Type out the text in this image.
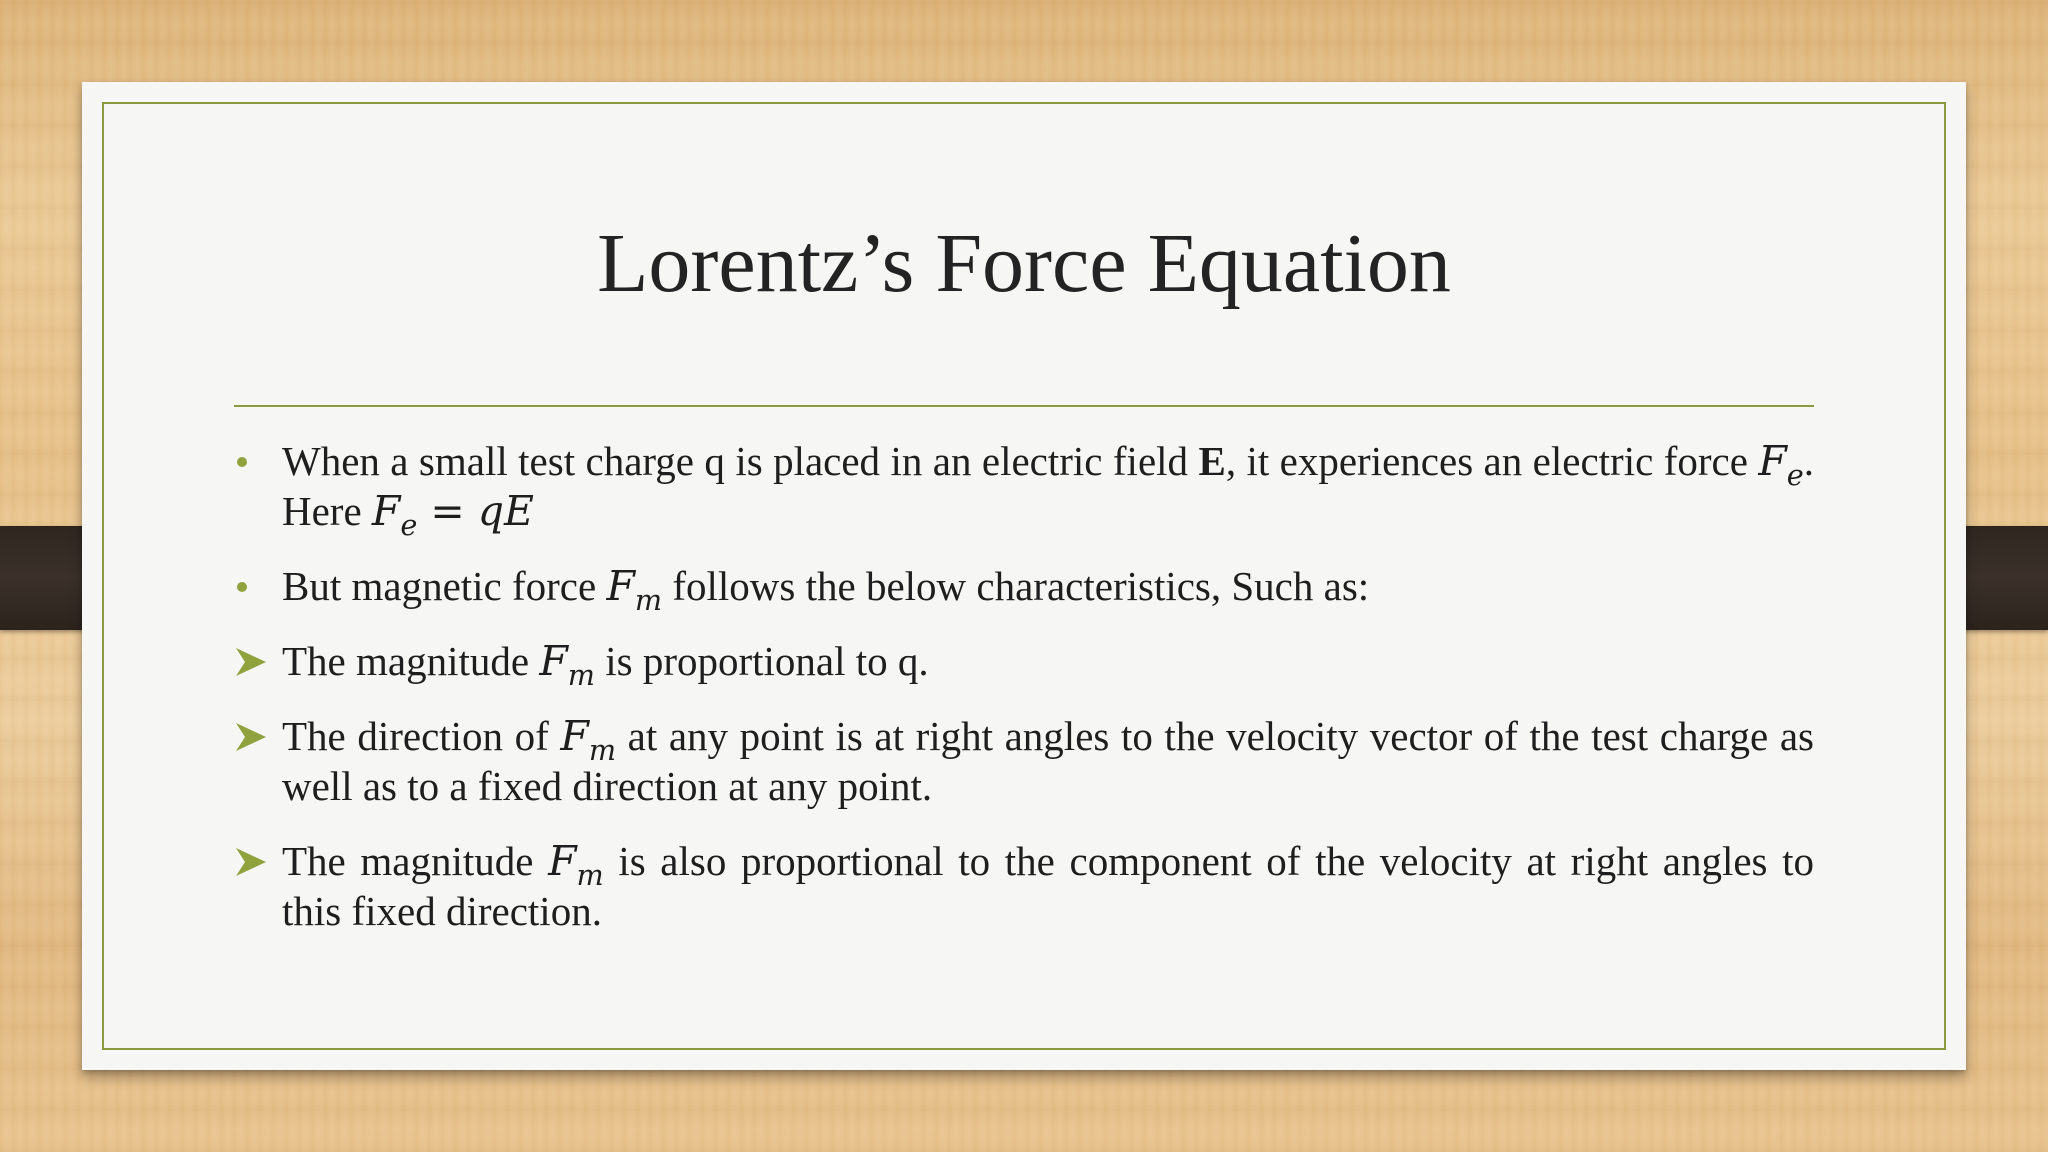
Lorentz’s Force Equation
When a small test charge q is placed in an electric field E, it experiences an electric force $F_e$. Here $F_e$ = qE
But magnetic force $F_m$ follows the below characteristics, Such as:
The magnitude $F_m$ is proportional to q.
The direction of $F_m$ at any point is at right angles to the velocity vector of the test charge as well as to a fixed direction at any point.
The magnitude $F_m$ is also proportional to the component of the velocity at right angles to this fixed direction.
